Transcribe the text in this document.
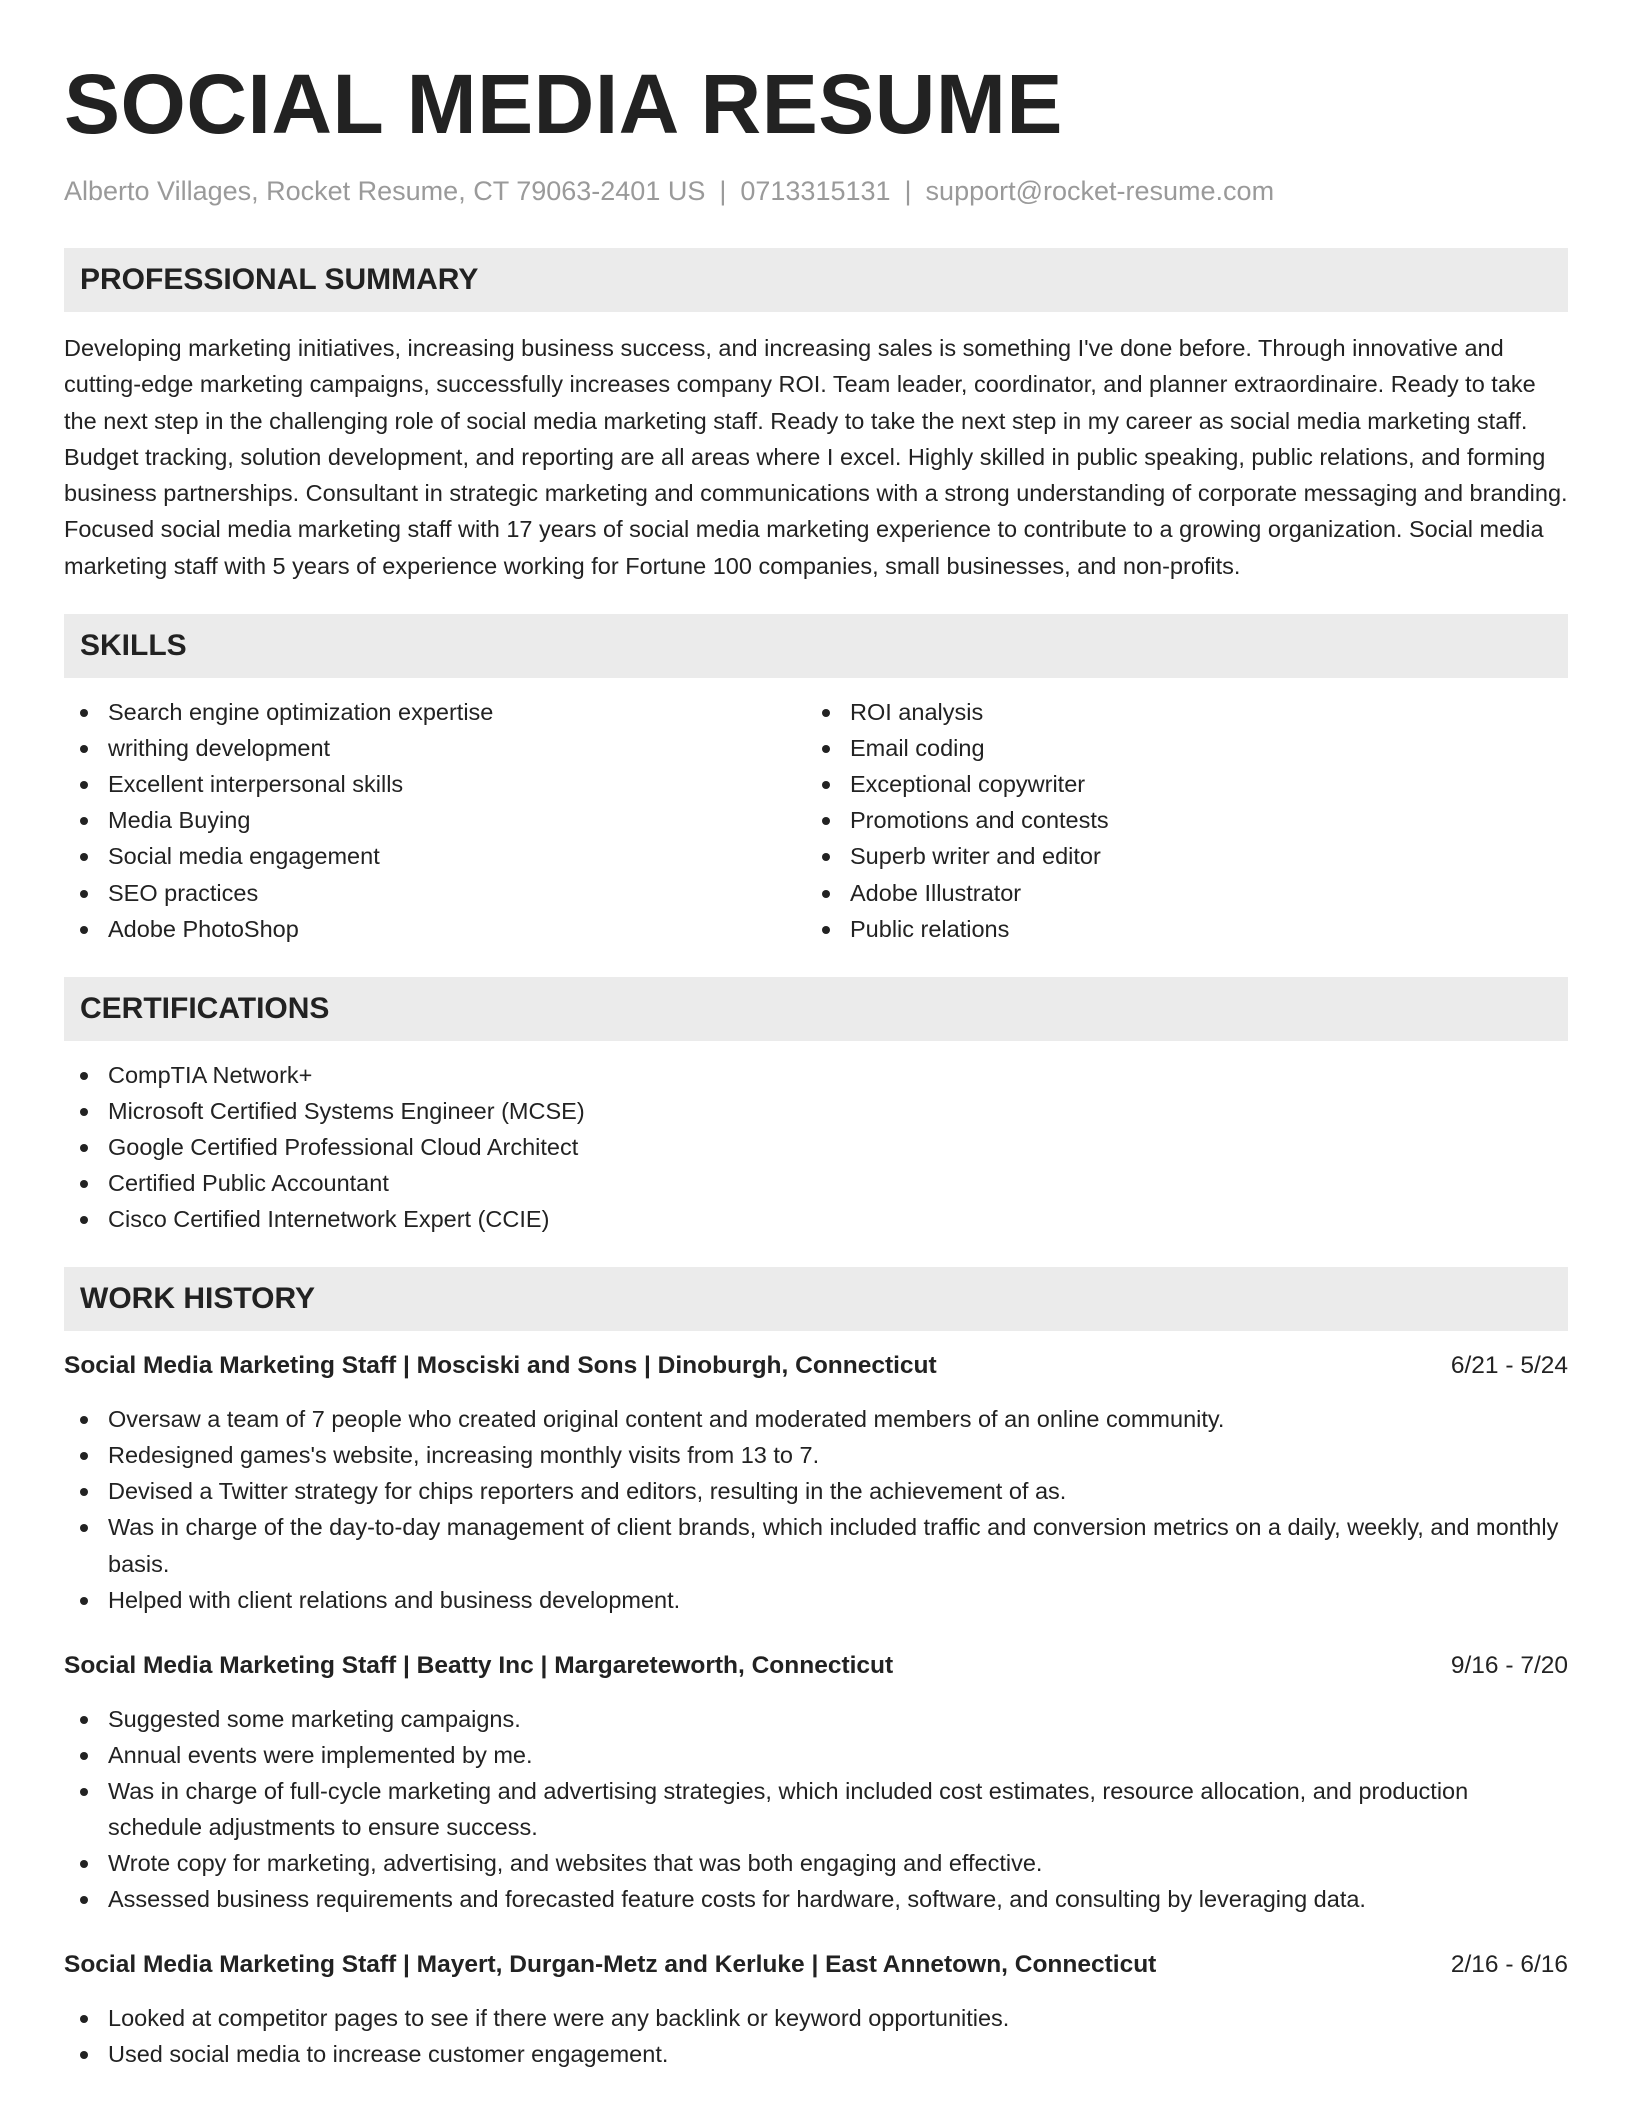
SOCIAL MEDIA RESUME
Alberto Villages, Rocket Resume, CT 79063-2401 US | 0713315131 | support@rocket-resume.com
PROFESSIONAL SUMMARY

Developing marketing initiatives, increasing business success, and increasing sales is something I've done before. Through innovative and cutting-edge marketing campaigns, successfully increases company ROI. Team leader, coordinator, and planner extraordinaire. Ready to take the next step in the challenging role of social media marketing staff. Ready to take the next step in my career as social media marketing staff. Budget tracking, solution development, and reporting are all areas where I excel. Highly skilled in public speaking, public relations, and forming business partnerships. Consultant in strategic marketing and communications with a strong understanding of corporate messaging and branding. Focused social media marketing staff with 17 years of social media marketing experience to contribute to a growing organization. Social media marketing staff with 5 years of experience working for Fortune 100 companies, small businesses, and non-profits.

SKILLS
Search engine optimization expertise
writhing development
Excellent interpersonal skills
Media Buying
Social media engagement
SEO practices
Adobe PhotoShop
ROI analysis
Email coding
Exceptional copywriter
Promotions and contests
Superb writer and editor
Adobe Illustrator
Public relations
CERTIFICATIONS
CompTIA Network+
Microsoft Certified Systems Engineer (MCSE)
Google Certified Professional Cloud Architect
Certified Public Accountant
Cisco Certified Internetwork Expert (CCIE)
WORK HISTORY
Social Media Marketing Staff | Mosciski and Sons | Dinoburgh, Connecticut	6/21 - 5/24
Oversaw a team of 7 people who created original content and moderated members of an online community.
Redesigned games's website, increasing monthly visits from 13 to 7.
Devised a Twitter strategy for chips reporters and editors, resulting in the achievement of as.
Was in charge of the day-to-day management of client brands, which included traffic and conversion metrics on a daily, weekly, and monthly basis.
Helped with client relations and business development.
Social Media Marketing Staff | Beatty Inc | Margareteworth, Connecticut	9/16 - 7/20
Suggested some marketing campaigns.
Annual events were implemented by me.
Was in charge of full-cycle marketing and advertising strategies, which included cost estimates, resource allocation, and production schedule adjustments to ensure success.
Wrote copy for marketing, advertising, and websites that was both engaging and effective.
Assessed business requirements and forecasted feature costs for hardware, software, and consulting by leveraging data.
Social Media Marketing Staff | Mayert, Durgan-Metz and Kerluke | East Annetown, Connecticut	2/16 - 6/16
Looked at competitor pages to see if there were any backlink or keyword opportunities.
Used social media to increase customer engagement.
